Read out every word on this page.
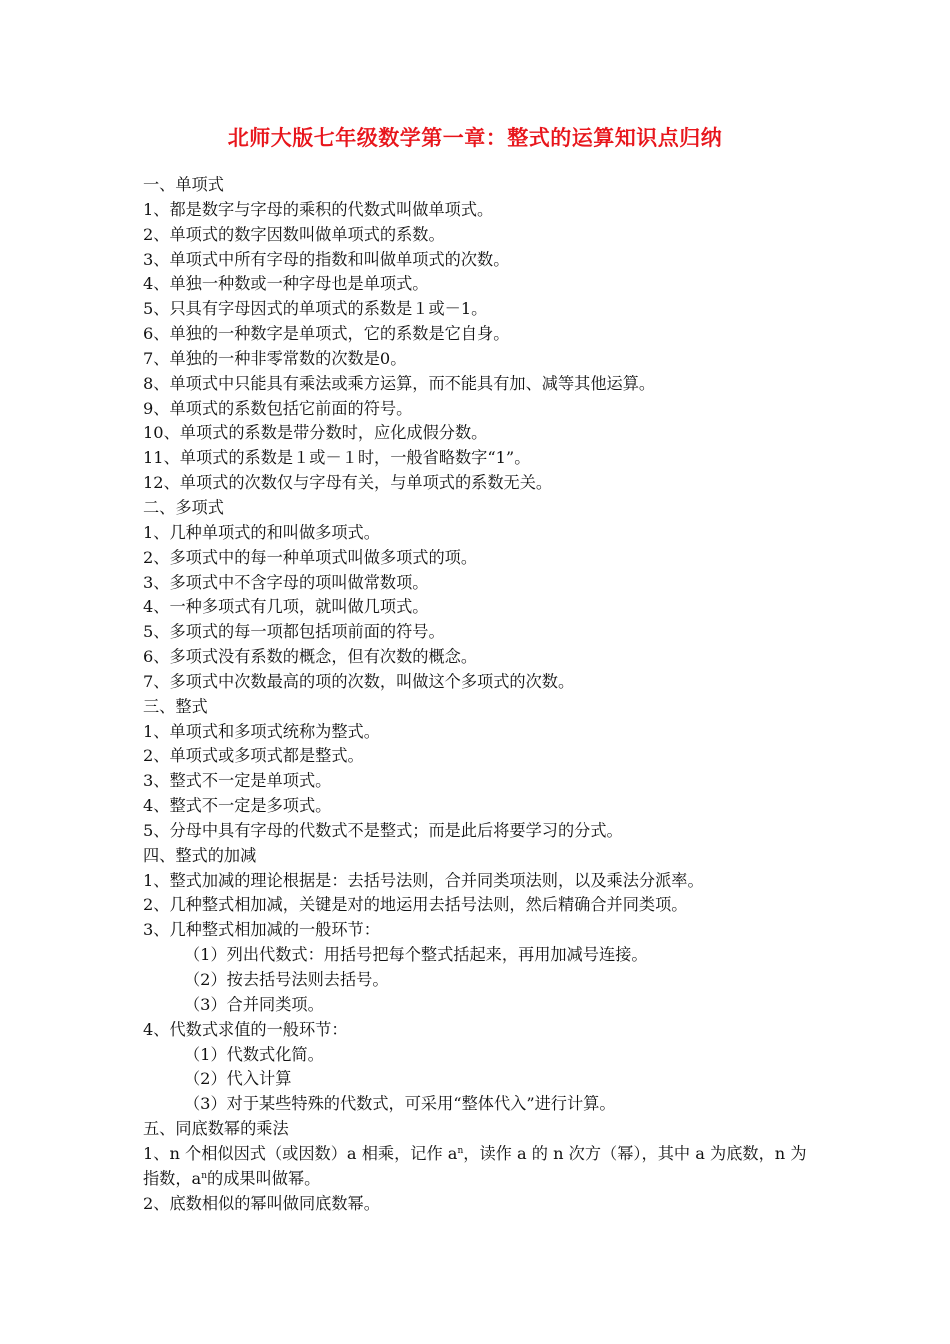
北师大版七年级数学第一章：整式的运算知识点归纳
一、单项式
1、都是数字与字母的乘积的代数式叫做单项式。
2、单项式的数字因数叫做单项式的系数。
3、单项式中所有字母的指数和叫做单项式的次数。
4、单独一种数或一种字母也是单项式。
5、只具有字母因式的单项式的系数是１或－1。
6、单独的一种数字是单项式，它的系数是它自身。
7、单独的一种非零常数的次数是0。
8、单项式中只能具有乘法或乘方运算，而不能具有加、减等其他运算。
9、单项式的系数包括它前面的符号。
10、单项式的系数是带分数时，应化成假分数。
11、单项式的系数是１或－１时，一般省略数字“1”。
12、单项式的次数仅与字母有关，与单项式的系数无关。
二、多项式
1、几种单项式的和叫做多项式。
2、多项式中的每一种单项式叫做多项式的项。
3、多项式中不含字母的项叫做常数项。
4、一种多项式有几项，就叫做几项式。
5、多项式的每一项都包括项前面的符号。
6、多项式没有系数的概念，但有次数的概念。
7、多项式中次数最高的项的次数，叫做这个多项式的次数。
三、整式
1、单项式和多项式统称为整式。
2、单项式或多项式都是整式。
3、整式不一定是单项式。
4、整式不一定是多项式。
5、分母中具有字母的代数式不是整式；而是此后将要学习的分式。
四、整式的加减
1、整式加减的理论根据是：去括号法则，合并同类项法则，以及乘法分派率。
2、几种整式相加减，关键是对的地运用去括号法则，然后精确合并同类项。
3、几种整式相加减的一般环节：
（1）列出代数式：用括号把每个整式括起来，再用加减号连接。
（2）按去括号法则去括号。
（3）合并同类项。
4、代数式求值的一般环节：
（1）代数式化简。
（2）代入计算
（3）对于某些特殊的代数式，可采用“整体代入”进行计算。
五、同底数幂的乘法
1、n 个相似因式（或因数）a 相乘，记作 $a^n$，读作 a 的 n 次方（幂），其中 a 为底数，n 为指数，$a^n$的成果叫做幂。
2、底数相似的幂叫做同底数幂。
